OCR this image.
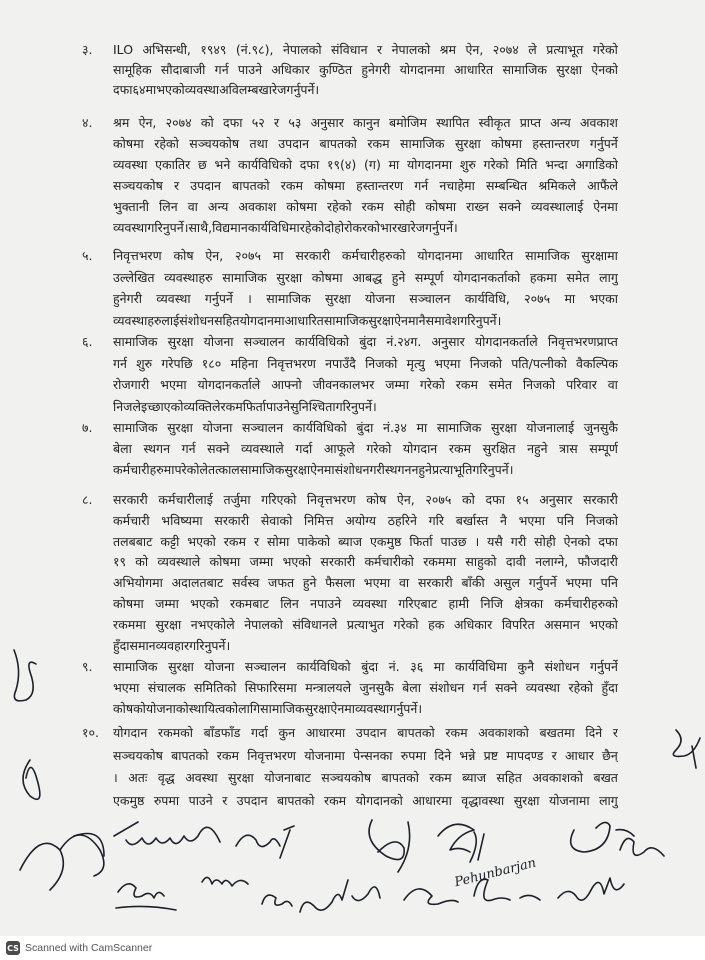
३. ILO अभिसन्धी, १९४९ (नं.९८), नेपालको संविधान र नेपालको श्रम ऐन, २०७४ ले प्रत्याभूत गरेको
सामूहिक सौदाबाजी गर्न पाउने अधिकार कुण्ठित हुनेगरी योगदानमा आधारित सामाजिक सुरक्षा ऐनको
दफा ६४ मा भएको व्यवस्था अविलम्ब खारेज गर्नुपर्ने ।
४. श्रम ऐन, २०७४ को दफा ५२ र ५३ अनुसार कानुन बमोजिम स्थापित स्वीकृत प्राप्त अन्य अवकाश
कोषमा रहेको सञ्चयकोष तथा उपदान बापतको रकम सामाजिक सुरक्षा कोषमा हस्तान्तरण गर्नुपर्ने
व्यवस्था एकातिर छ भने कार्यविधिको दफा १९(४) (ग) मा योगदानमा शुरु गरेको मिति भन्दा अगाडिको
सञ्चयकोष र उपदान बापतको रकम कोषमा हस्तान्तरण गर्न नचाहेमा सम्बन्धित श्रमिकले आफैंले
भुक्तानी लिन वा अन्य अवकाश कोषमा रहेको रकम सोही कोषमा राख्न सक्ने व्यवस्थालाई ऐनमा
व्यवस्था गरिनु पर्ने । साथै, विद्यमान कार्यविधिमा रहेको दोहोरो करको भार खारेज गर्नुपर्ने ।
५. निवृत्तभरण कोष ऐन, २०७५ मा सरकारी कर्मचारीहरुको योगदानमा आधारित सामाजिक सुरक्षामा
उल्लेखित व्यवस्थाहरु सामाजिक सुरक्षा कोषमा आबद्ध हुने सम्पूर्ण योगदानकर्ताको हकमा समेत लागु
हुनेगरी व्यवस्था गर्नुपर्ने । सामाजिक सुरक्षा योजना सञ्चालन कार्यविधि, २०७५ मा भएका
व्यवस्थाहरुलाई संशोधन सहित योगदानमा आधारित सामाजिक सुरक्षा ऐनमा नै समावेश गरिनुपर्ने ।
६. सामाजिक सुरक्षा योजना सञ्चालन कार्यविधिको बुंदा नं.२४ग. अनुसार योगदानकर्ताले निवृत्तभरणप्राप्त
गर्न शुरु गरेपछि १८० महिना निवृत्तभरण नपाउँदै निजको मृत्यु भएमा निजको पति/पत्नीको वैकल्पिक
रोजगारी भएमा योगदानकर्ताले आफ्नो जीवनकालभर जम्मा गरेको रकम समेत निजको परिवार वा
निजले इच्छाएको व्यक्तिले रकम फिर्ता पाउने सुनिश्चिता गरिनुपर्ने ।
७. सामाजिक सुरक्षा योजना सञ्चालन कार्यविधिको बुंदा नं.३४ मा सामाजिक सुरक्षा योजनालाई जुनसुकै
बेला स्थगन गर्न सक्ने व्यवस्थाले गर्दा आफूले गरेको योगदान रकम सुरक्षित नहुने त्रास सम्पूर्ण
कर्मचारीहरुमा परेकोले तत्काल सामाजिक सुरक्षा ऐनमा संशोधन गरी स्थगन नहुने प्रत्याभूति गरिनुपर्ने ।
८. सरकारी कर्मचारीलाई तर्जुमा गरिएको निवृत्तभरण कोष ऐन, २०७५ को दफा १५ अनुसार सरकारी
कर्मचारी भविष्यमा सरकारी सेवाको निमित्त अयोग्य ठहरिने गरि बर्खास्त नै भएमा पनि निजको
तलबबाट कट्टी भएको रकम र सोमा पाकेको ब्याज एकमुष्ठ फिर्ता पाउछ । यसै गरी सोही ऐनको दफा
१९ को व्यवस्थाले कोषमा जम्मा भएको सरकारी कर्मचारीको रकममा साहुको दावी नलाग्ने, फौजदारी
अभियोगमा अदालतबाट सर्वस्व जफत हुने फैसला भएमा वा सरकारी बाँकी असुल गर्नुपर्ने भएमा पनि
कोषमा जम्मा भएको रकमबाट लिन नपाउने व्यवस्था गरिएबाट हामी निजि क्षेत्रका कर्मचारीहरुको
रकममा सुरक्षा नभएकोले नेपालको संविधानले प्रत्याभुत गरेको हक अधिकार विपरित असमान भएको
हुँदा समान व्यवहार गरिनुपर्ने ।
९. सामाजिक सुरक्षा योजना सञ्चालन कार्यविधिको बुंदा नं. ३६ मा कार्यविधिमा कुनै संशोधन गर्नुपर्ने
भएमा संचालक समितिको सिफारिसमा मन्त्रालयले जुनसुकै बेला संशोधन गर्न सक्ने व्यवस्था रहेको हुँदा
कोषको योजनाको स्थायित्वको लागि सामाजिक सुरक्षा ऐनमा व्यवस्था गर्नुपर्ने ।
१०. योगदान रकमको बाँडफाँड गर्दा कुन आधारमा उपदान बापतको रकम अवकाशको बखतमा दिने र
सञ्चयकोष बापतको रकम निवृत्तभरण योजनामा पेन्सनका रुपमा दिने भन्ने प्रष्ट मापदण्ड र आधार छैन्
। अतः वृद्ध अवस्था सुरक्षा योजनाबाट सञ्चयकोष बापतको रकम ब्याज सहित अवकाशको बखत
एकमुष्ठ रुपमा पाउने र उपदान बापतको रकम योगदानको आधारमा वृद्धावस्था सुरक्षा योजनामा लागु
Pehunbarjan
CS Scanned with CamScanner
